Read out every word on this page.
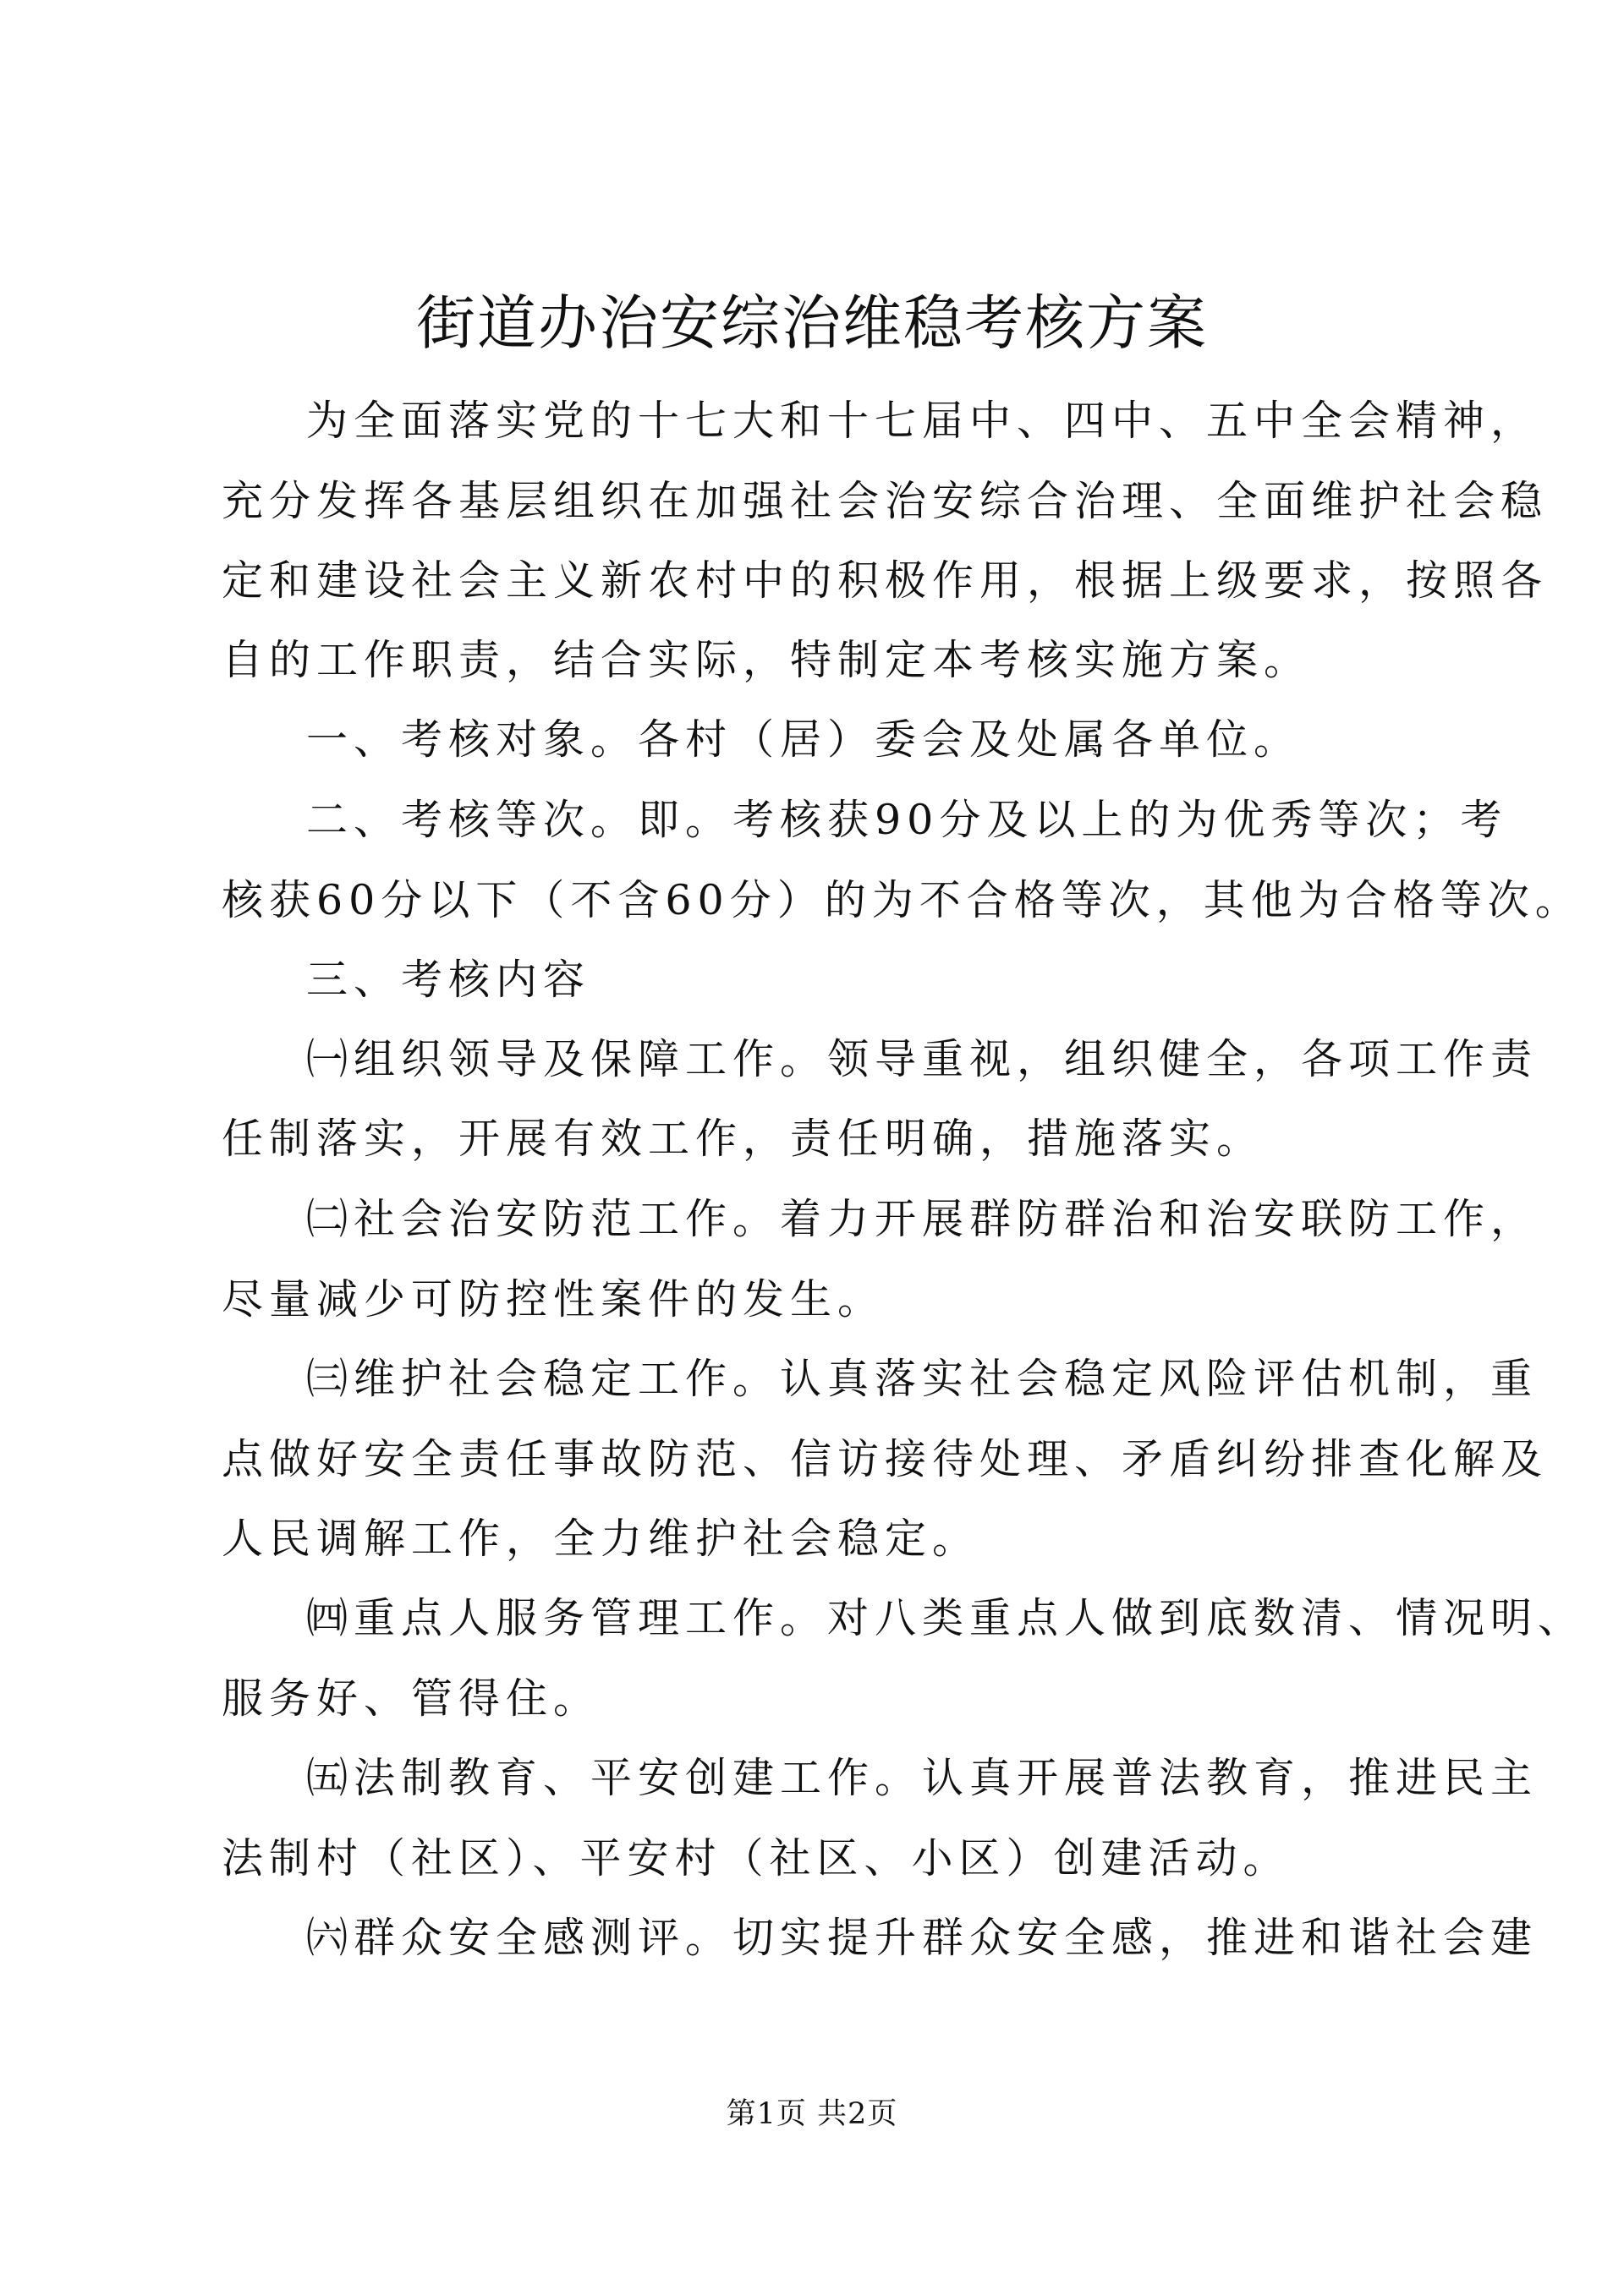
街道办治安综治维稳考核方案

为全面落实党的十七大和十七届中、四中、五中全会精神，

充分发挥各基层组织在加强社会治安综合治理、全面维护社会稳

定和建设社会主义新农村中的积极作用，根据上级要求，按照各

自的工作职责，结合实际，特制定本考核实施方案。

一、考核对象。各村（居）委会及处属各单位。

二、考核等次。即。考核获90分及以上的为优秀等次；考

核获60分以下（不含60分）的为不合格等次，其他为合格等次。

三、考核内容

㈠组织领导及保障工作。领导重视，组织健全，各项工作责

任制落实，开展有效工作，责任明确，措施落实。

㈡社会治安防范工作。着力开展群防群治和治安联防工作，

尽量减少可防控性案件的发生。

㈢维护社会稳定工作。认真落实社会稳定风险评估机制，重

点做好安全责任事故防范、信访接待处理、矛盾纠纷排查化解及

人民调解工作，全力维护社会稳定。

㈣重点人服务管理工作。对八类重点人做到底数清、情况明、

服务好、管得住。

㈤法制教育、平安创建工作。认真开展普法教育，推进民主

法制村（社区）、平安村（社区、小区）创建活动。

㈥群众安全感测评。切实提升群众安全感，推进和谐社会建

第1页 共2页
